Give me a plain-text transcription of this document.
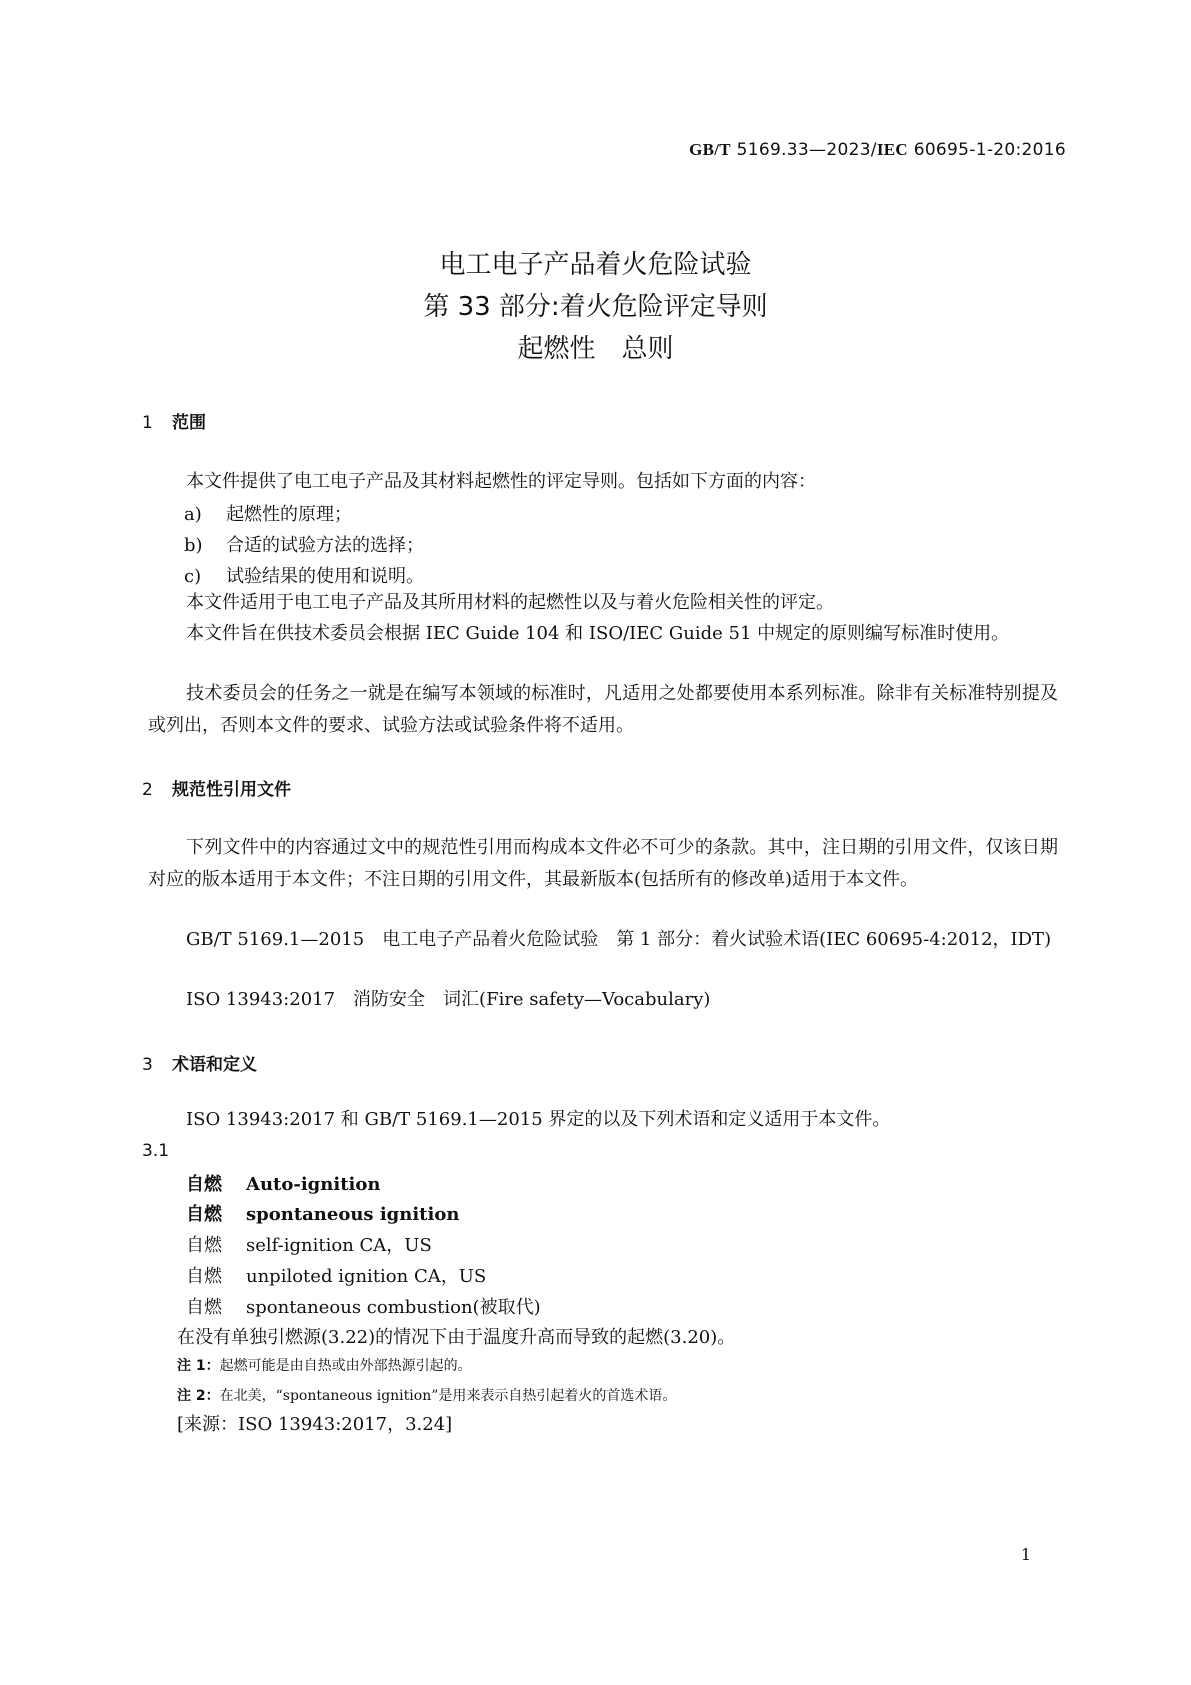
GB/T 5169.33—2023/IEC 60695-1-20:2016
电工电子产品着火危险试验
第 33 部分:着火危险评定导则
起燃性　总则
1 范围
本文件提供了电工电子产品及其材料起燃性的评定导则。包括如下方面的内容：
a) 起燃性的原理；
b) 合适的试验方法的选择；
c) 试验结果的使用和说明。
本文件适用于电工电子产品及其所用材料的起燃性以及与着火危险相关性的评定。
本文件旨在供技术委员会根据 IEC Guide 104 和 ISO/IEC Guide 51 中规定的原则编写标准时使用。
技术委员会的任务之一就是在编写本领域的标准时，凡适用之处都要使用本系列标准。除非有关标准特别提及或列出，否则本文件的要求、试验方法或试验条件将不适用。
2 规范性引用文件
下列文件中的内容通过文中的规范性引用而构成本文件必不可少的条款。其中，注日期的引用文件，仅该日期对应的版本适用于本文件；不注日期的引用文件，其最新版本(包括所有的修改单)适用于本文件。
GB/T 5169.1—2015　电工电子产品着火危险试验　第 1 部分：着火试验术语(IEC 60695-4:2012，IDT)
ISO 13943:2017　消防安全　词汇(Fire safety—Vocabulary)
3 术语和定义
ISO 13943:2017 和 GB/T 5169.1—2015 界定的以及下列术语和定义适用于本文件。
3.1
自燃 Auto-ignition
自燃 spontaneous ignition
自燃 self-ignition CA，US
自燃 unpiloted ignition CA，US
自燃 spontaneous combustion(被取代)
在没有单独引燃源(3.22)的情况下由于温度升高而导致的起燃(3.20)。
注 1：起燃可能是由自热或由外部热源引起的。
注 2：在北美，“spontaneous ignition”是用来表示自热引起着火的首选术语。
[来源：ISO 13943:2017，3.24]
1
